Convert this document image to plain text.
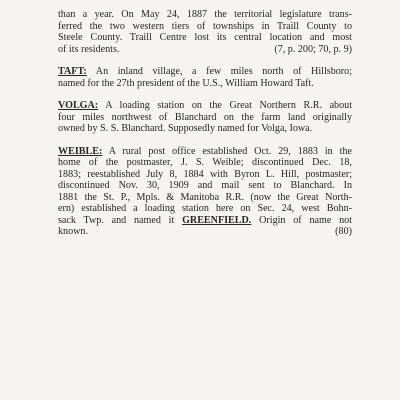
than a year. On May 24, 1887 the territorial legislature trans-
ferred the two western tiers of townships in Traill County to
Steele County. Traill Centre lost its central location and most
of its residents.	(7, p. 200; 70, p. 9)
TAFT: An inland village, a few miles north of Hillsboro;
named for the 27th president of the U.S., William Howard Taft.
VOLGA: A loading station on the Great Northern R.R. about
four miles northwest of Blanchard on the farm land originally
owned by S. S. Blanchard. Supposedly named for Volga, Iowa.
WEIBLE: A rural post office established Oct. 29, 1883 in the
home of the postmaster, J. S. Weible; discontinued Dec. 18,
1883; reestablished July 8, 1884 with Byron L. Hill, postmaster;
discontinued Nov. 30, 1909 and mail sent to Blanchard. In
1881 the St. P., Mpls. & Manitoba R.R. (now the Great North-
ern) established a loading station here on Sec. 24, west Bohn-
sack Twp. and named it GREENFIELD. Origin of name not
known.	(80)
